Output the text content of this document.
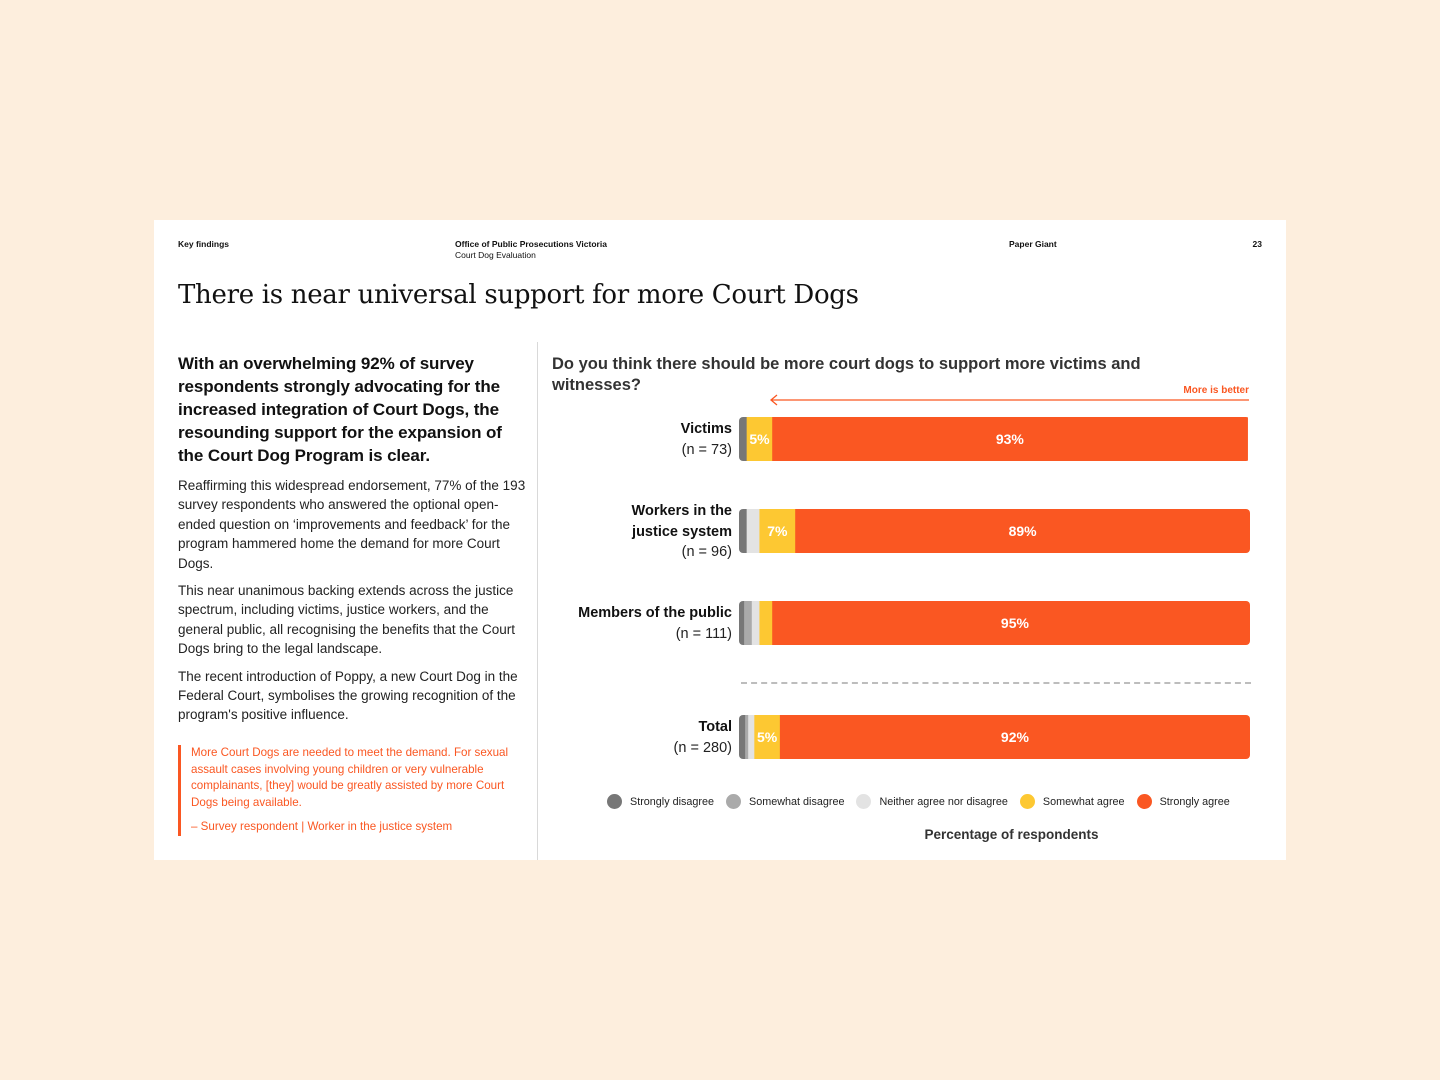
Key findings	Office of Public Prosecutions Victoria
Court Dog Evaluation
Paper Giant	23
There is near universal support for more Court Dogs

With an overwhelming 92% of survey respondents strongly advocating for the increased integration of Court Dogs, the resounding support for the expansion of the Court Dog Program is clear.

Reaffirming this widespread endorsement, 77% of the 193 survey respondents who answered the optional open-ended question on ‘improvements and feedback’ for the program hammered home the demand for more Court Dogs.

This near unanimous backing extends across the justice spectrum, including victims, justice workers, and the general public, all recognising the benefits that the Court Dogs bring to the legal landscape.

The recent introduction of Poppy, a new Court Dog in the Federal Court, symbolises the growing recognition of the program's positive influence.

More Court Dogs are needed to meet the demand. For sexual assault cases involving young children or very vulnerable complainants, [they] would be greatly assisted by more Court Dogs being available.

– Survey respondent | Worker in the justice system

Do you think there should be more court dogs to support more victims and witnesses?	More is better
Victims
(n = 73)
Workers in the justice system
(n = 96)
Members of the public
(n = 111)
Total
(n = 280)
5%	93%
7%	89%
95%
5%	92%
Strongly disagree	Somewhat disagree	Neither agree nor disagree	Somewhat agree	Strongly agree
Percentage of respondents
